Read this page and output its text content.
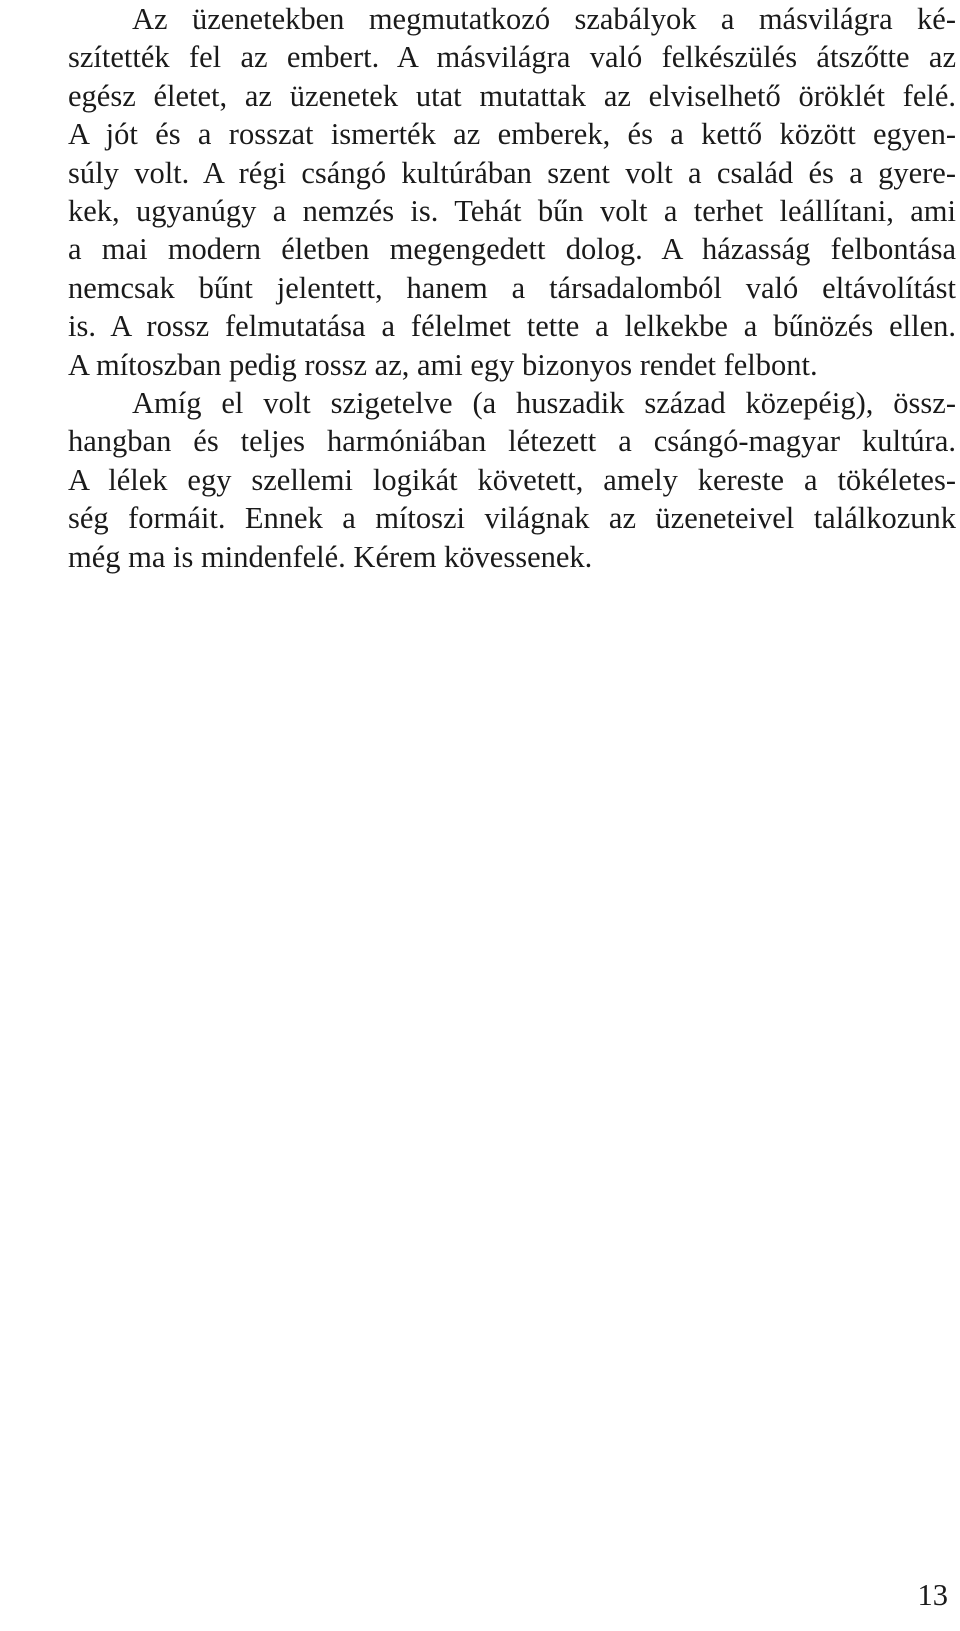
Az üzenetekben megmutatkozó szabályok a másvilágra ké-
szítették fel az embert. A másvilágra való felkészülés átszőtte az
egész életet, az üzenetek utat mutattak az elviselhető öröklét felé.
A jót és a rosszat ismerték az emberek, és a kettő között egyen-
súly volt. A régi csángó kultúrában szent volt a család és a gyere-
kek, ugyanúgy a nemzés is. Tehát bűn volt a terhet leállítani, ami
a mai modern életben megengedett dolog. A házasság felbontása
nemcsak bűnt jelentett, hanem a társadalomból való eltávolítást
is. A rossz felmutatása a félelmet tette a lelkekbe a bűnözés ellen.
A mítoszban pedig rossz az, ami egy bizonyos rendet felbont.
Amíg el volt szigetelve (a huszadik század közepéig), össz-
hangban és teljes harmóniában létezett a csángó-magyar kultúra.
A lélek egy szellemi logikát követett, amely kereste a tökéletes-
ség formáit. Ennek a mítoszi világnak az üzeneteivel találkozunk
még ma is mindenfelé. Kérem kövessenek.
13
